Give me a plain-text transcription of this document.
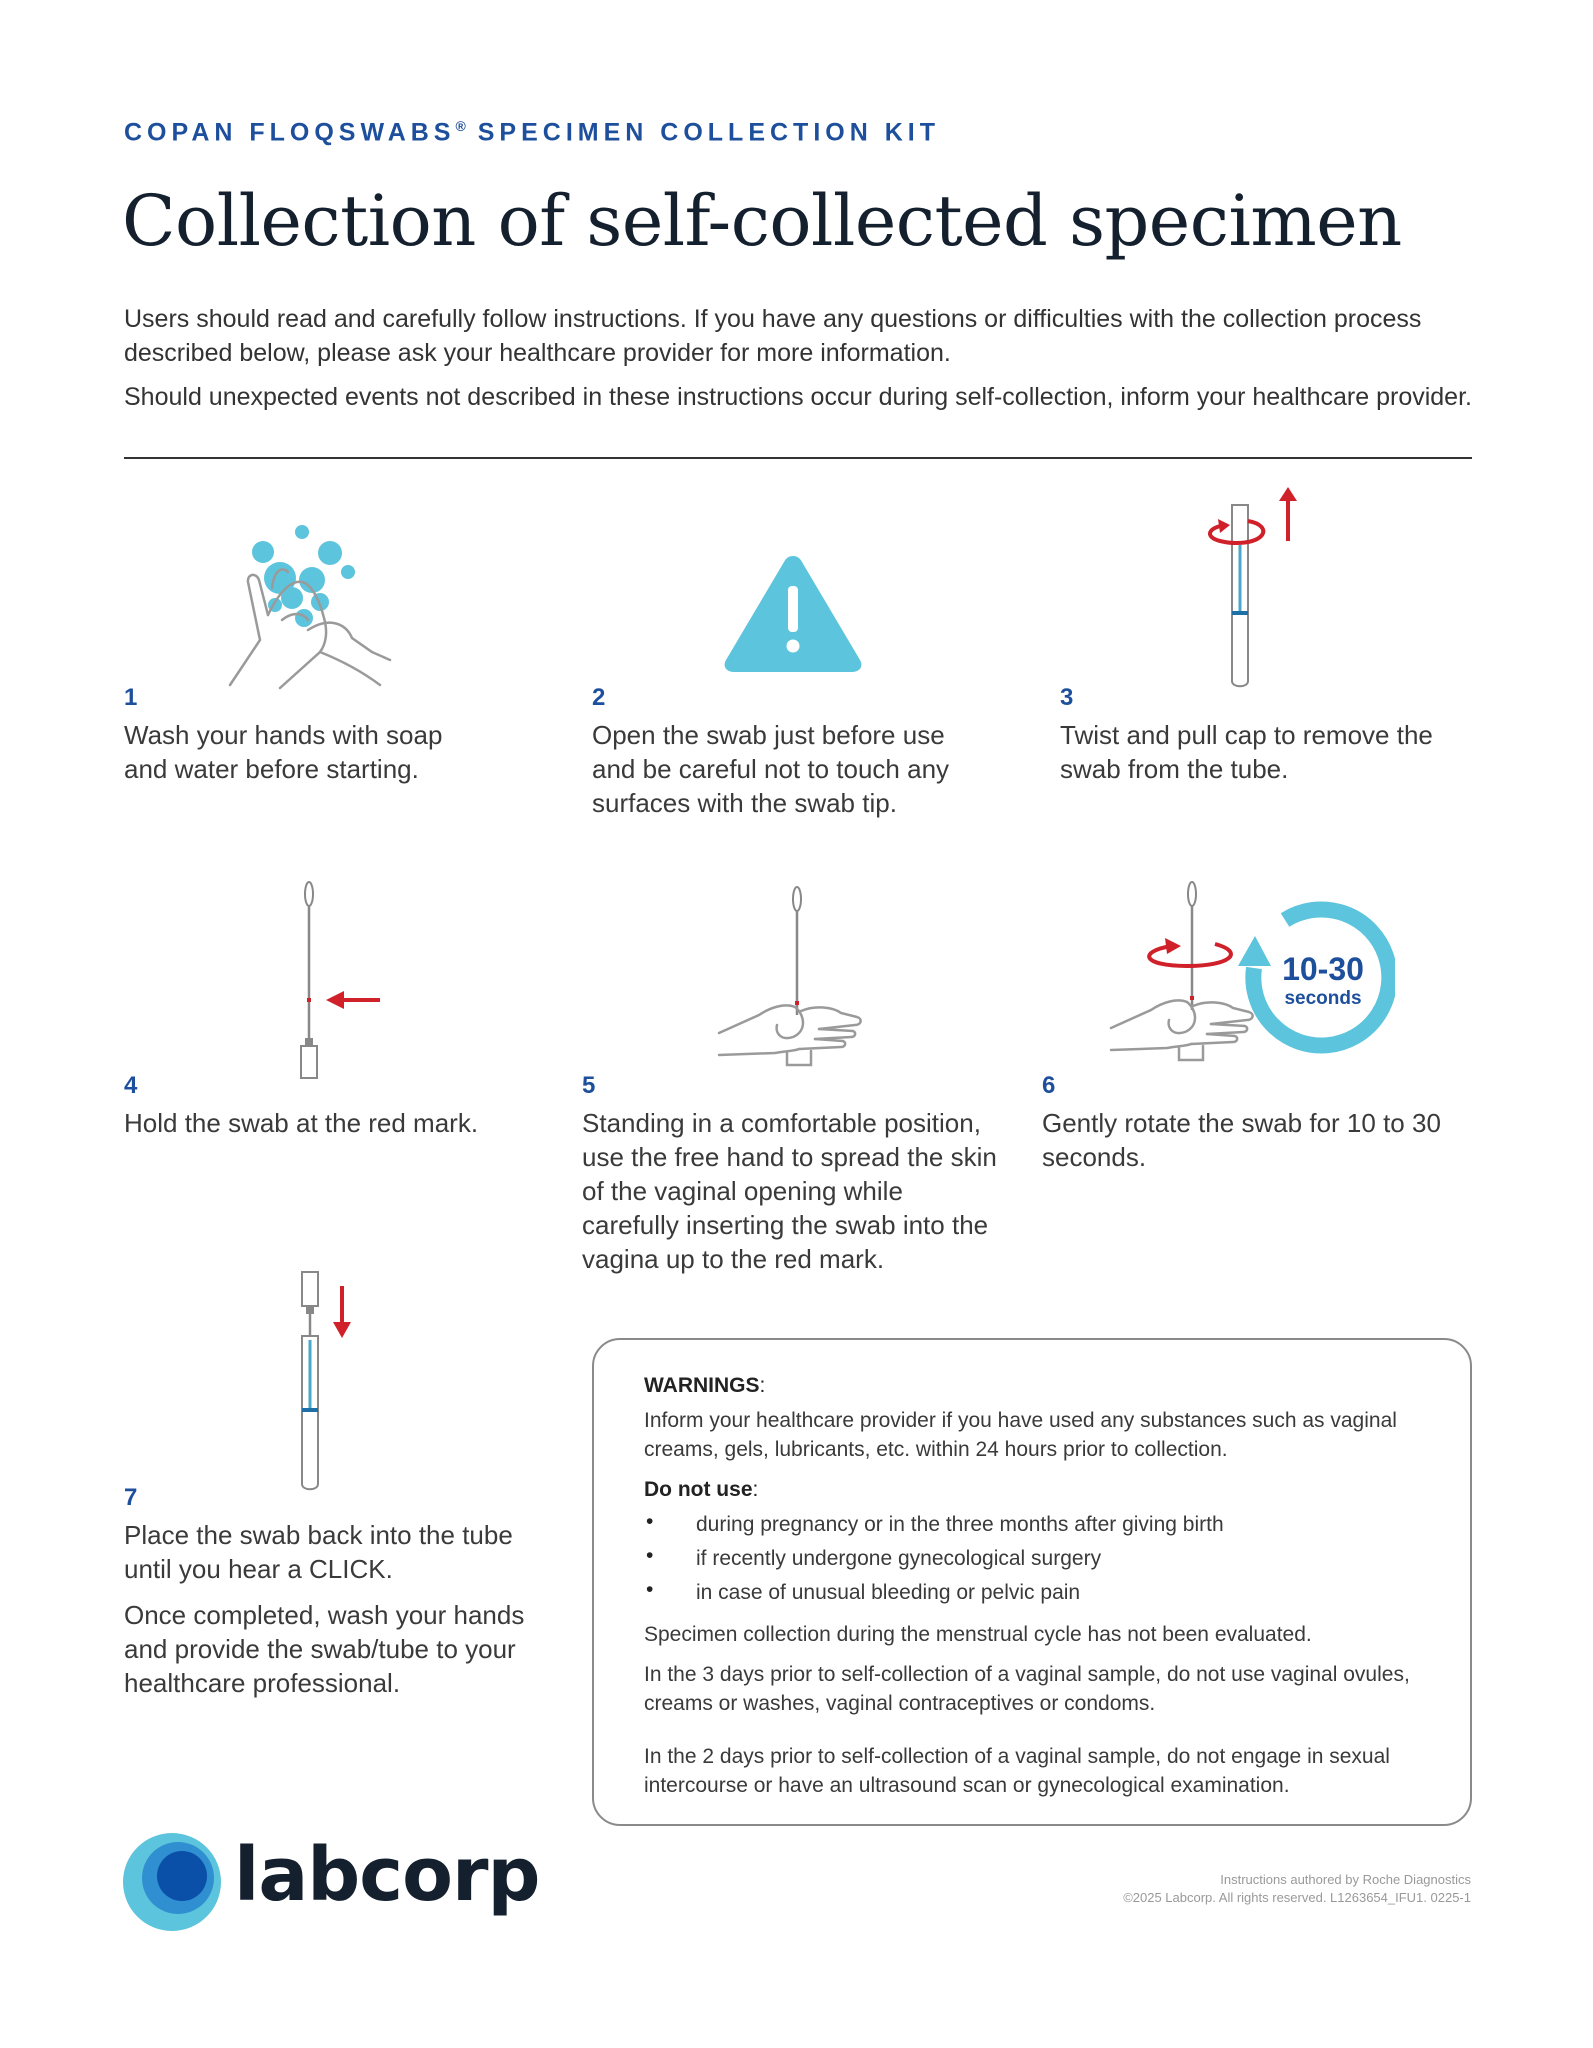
COPAN FLOQSWABS® SPECIMEN COLLECTION KIT
Collection of self-collected specimen
Users should read and carefully follow instructions. If you have any questions or difficulties with the collection process described below, please ask your healthcare provider for more information.
Should unexpected events not described in these instructions occur during self-collection, inform your healthcare provider.
1
Wash your hands with soap and water before starting.
2
Open the swab just before use and be careful not to touch any surfaces with the swab tip.
3
Twist and pull cap to remove the swab from the tube.
10-30
seconds
4
Hold the swab at the red mark.
5
Standing in a comfortable position, use the free hand to spread the skin of the vaginal opening while carefully inserting the swab into the vagina up to the red mark.
6
Gently rotate the swab for 10 to 30 seconds.
7
Place the swab back into the tube until you hear a CLICK.
Once completed, wash your hands and provide the swab/tube to your healthcare professional.
WARNINGS:
Inform your healthcare provider if you have used any substances such as vaginal creams, gels, lubricants, etc. within 24 hours prior to collection.
Do not use:
• during pregnancy or in the three months after giving birth
• if recently undergone gynecological surgery
• in case of unusual bleeding or pelvic pain
Specimen collection during the menstrual cycle has not been evaluated.
In the 3 days prior to self-collection of a vaginal sample, do not use vaginal ovules, creams or washes, vaginal contraceptives or condoms.
In the 2 days prior to self-collection of a vaginal sample, do not engage in sexual intercourse or have an ultrasound scan or gynecological examination.
labcorp	Instructions authored by Roche Diagnostics
©2025 Labcorp. All rights reserved. L1263654_IFU1. 0225-1
